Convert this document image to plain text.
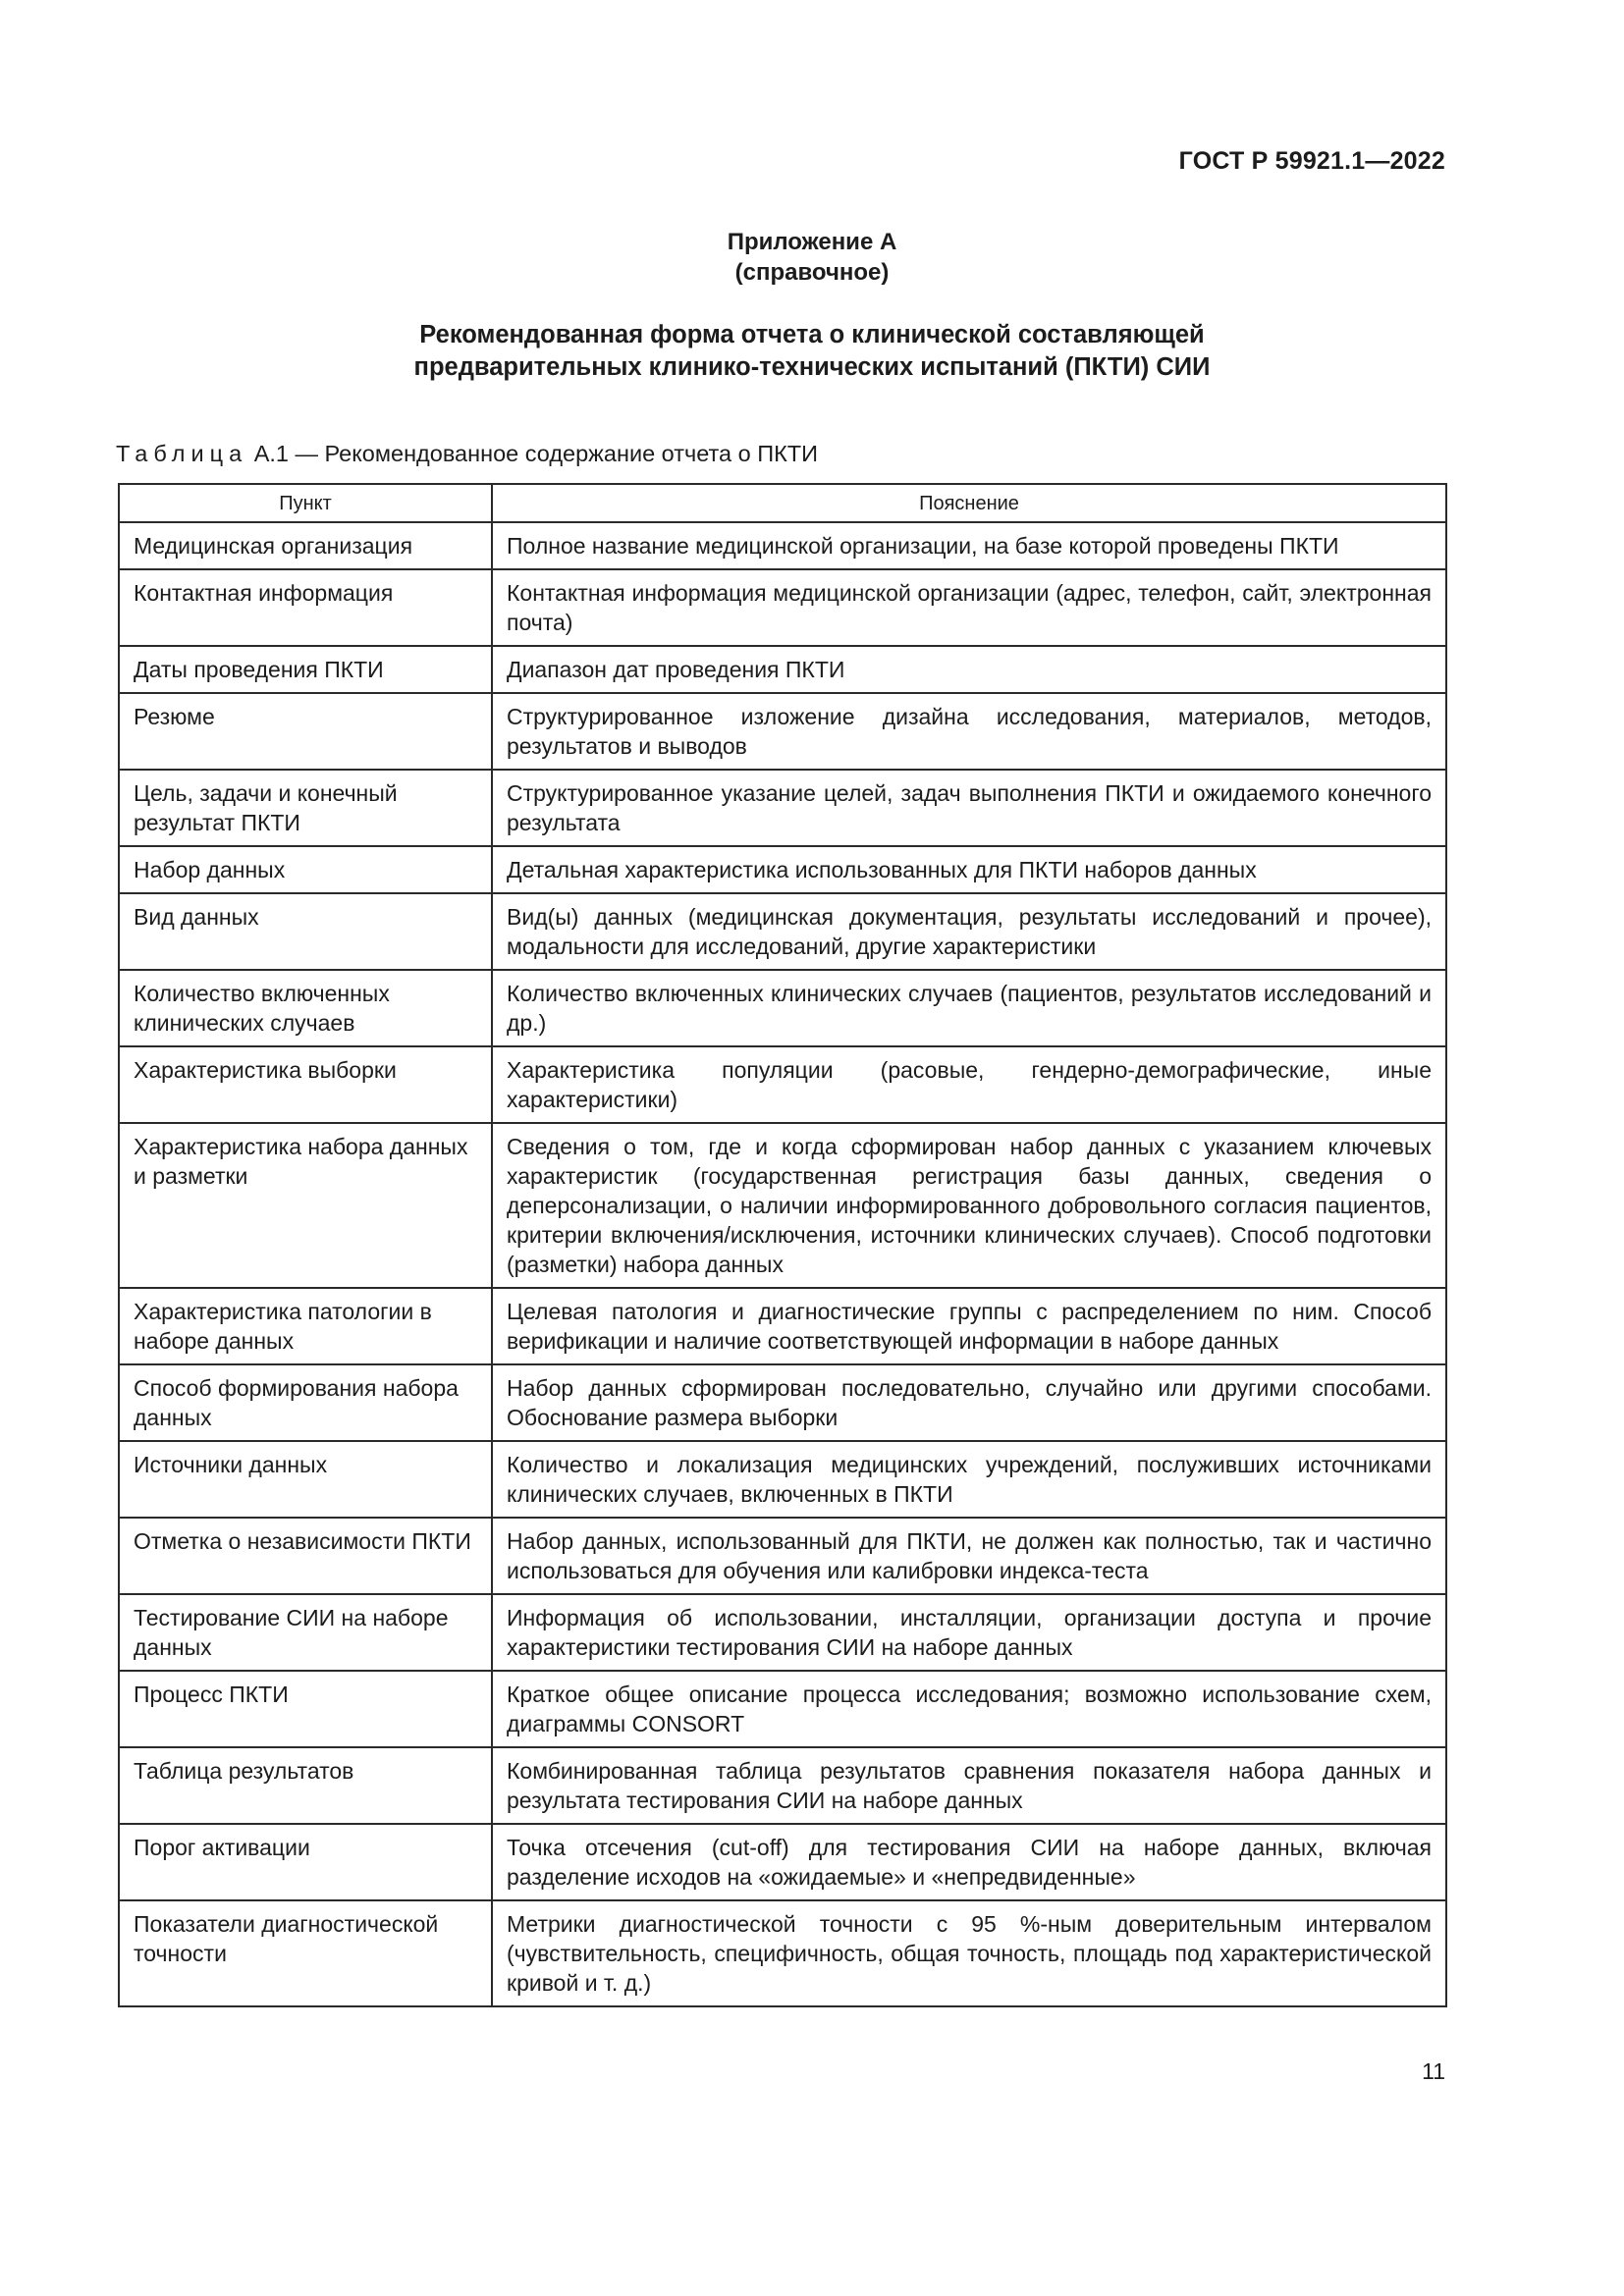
ГОСТ Р 59921.1—2022
Приложение А
(справочное)
Рекомендованная форма отчета о клинической составляющей
предварительных клинико-технических испытаний (ПКТИ) СИИ
Таблица А.1 — Рекомендованное содержание отчета о ПКТИ
Пункт	Пояснение
Медицинская организация	Полное название медицинской организации, на базе которой проведены ПКТИ
Контактная информация	Контактная информация медицинской организации (адрес, телефон, сайт, электронная почта)
Даты проведения ПКТИ	Диапазон дат проведения ПКТИ
Резюме	Структурированное изложение дизайна исследования, материалов, методов, результатов и выводов
Цель, задачи и конечный результат ПКТИ	Структурированное указание целей, задач выполнения ПКТИ и ожидаемого конечного результата
Набор данных	Детальная характеристика использованных для ПКТИ наборов данных
Вид данных	Вид(ы) данных (медицинская документация, результаты исследований и прочее), модальности для исследований, другие характеристики
Количество включенных клинических случаев	Количество включенных клинических случаев (пациентов, результатов исследований и др.)
Характеристика выборки	Характеристика популяции (расовые, гендерно-демографические, иные характеристики)
Характеристика набора данных и разметки	Сведения о том, где и когда сформирован набор данных с указанием ключевых характеристик (государственная регистрация базы данных, сведения о деперсонализации, о наличии информированного добровольного согласия пациентов, критерии включения/исключения, источники клинических случаев). Способ подготовки (разметки) набора данных
Характеристика патологии в наборе данных	Целевая патология и диагностические группы с распределением по ним. Способ верификации и наличие соответствующей информации в наборе данных
Способ формирования набора данных	Набор данных сформирован последовательно, случайно или другими способами. Обоснование размера выборки
Источники данных	Количество и локализация медицинских учреждений, послуживших источниками клинических случаев, включенных в ПКТИ
Отметка о независимости ПКТИ	Набор данных, использованный для ПКТИ, не должен как полностью, так и частично использоваться для обучения или калибровки индекса-теста
Тестирование СИИ на наборе данных	Информация об использовании, инсталляции, организации доступа и прочие характеристики тестирования СИИ на наборе данных
Процесс ПКТИ	Краткое общее описание процесса исследования; возможно использование схем, диаграммы CONSORT
Таблица результатов	Комбинированная таблица результатов сравнения показателя набора данных и результата тестирования СИИ на наборе данных
Порог активации	Точка отсечения (cut-off) для тестирования СИИ на наборе данных, включая разделение исходов на «ожидаемые» и «непредвиденные»
Показатели диагностической точности	Метрики диагностической точности с 95 %-ным доверительным интервалом (чувствительность, специфичность, общая точность, площадь под характеристической кривой и т. д.)
11
